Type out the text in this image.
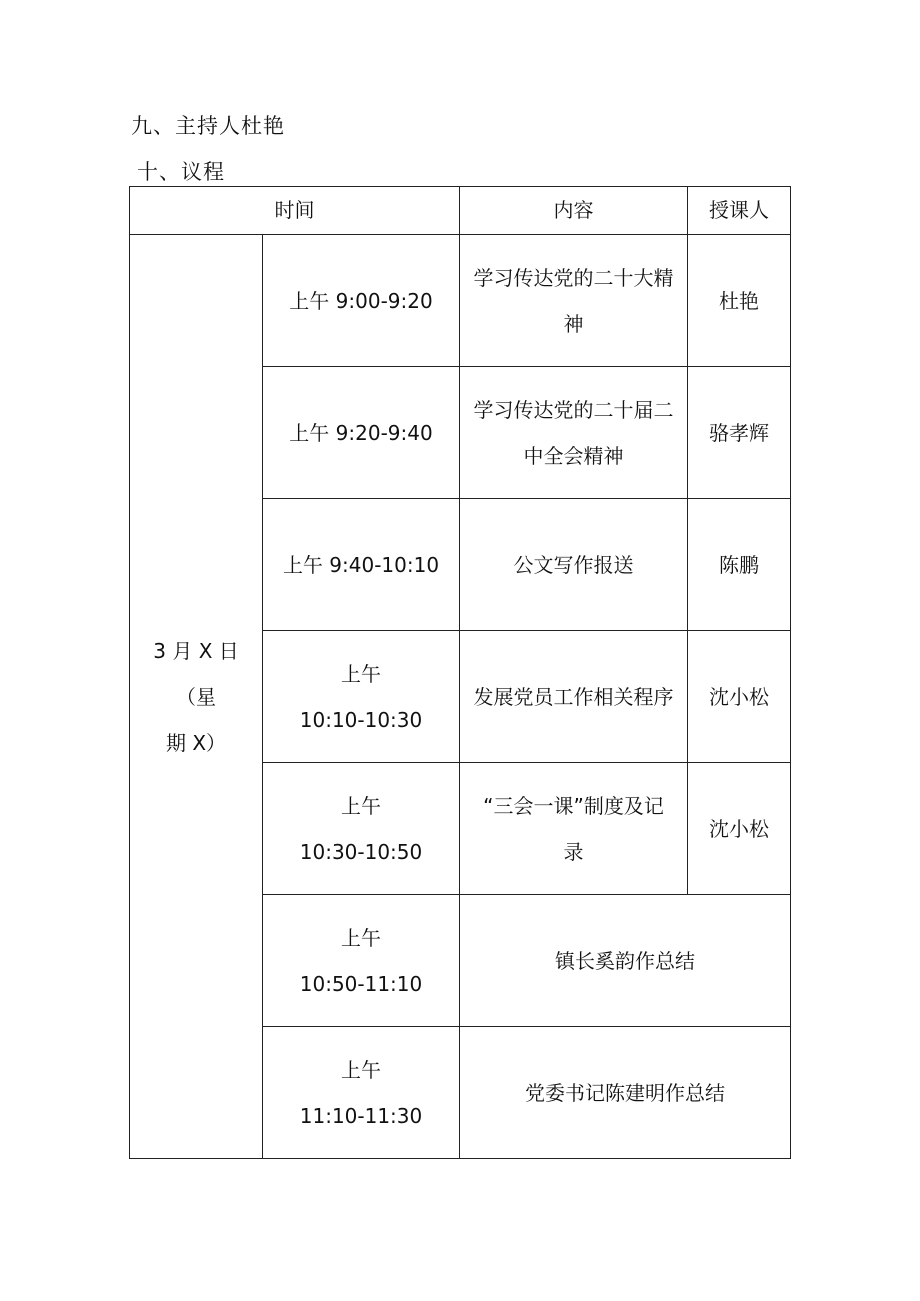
九、主持人杜艳
十、议程
时间		内容	授课人

3 月 X 日（星
期 X）	上午 9:00-9:20	学习传达党的二十大精
神	杜艳

	上午 9:20-9:40	学习传达党的二十届二
中全会精神	骆孝辉

	上午 9:40-10:10	公文写作报送	陈鹏

	上午
10:10-10:30	发展党员工作相关程序	沈小松

	上午
10:30-10:50	“三会一课”制度及记
录	沈小松

	上午
10:50-11:10	镇长奚韵作总结	

	上午
11:10-11:30	党委书记陈建明作总结	
